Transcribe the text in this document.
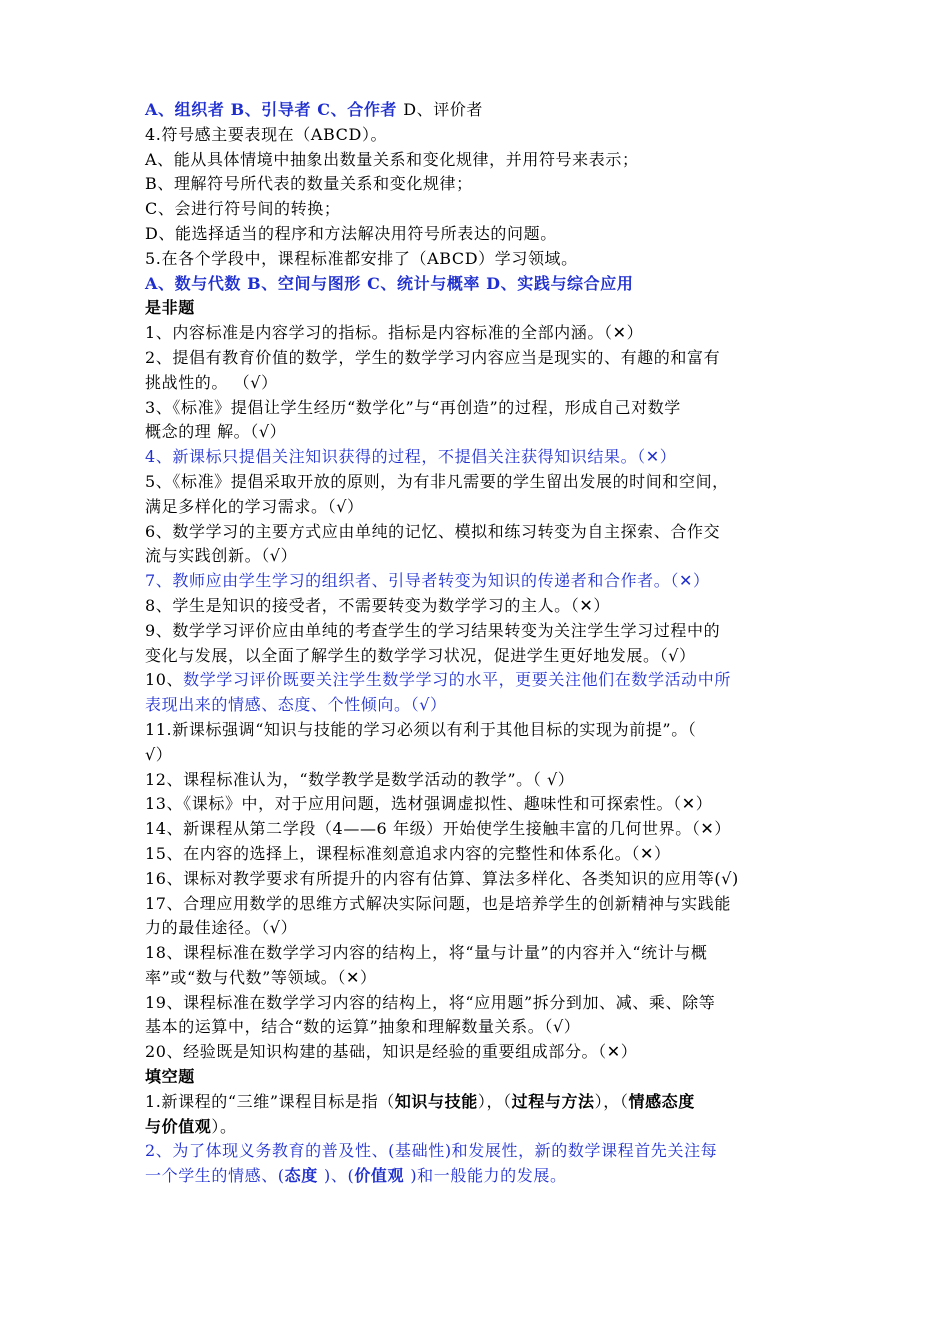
A、组织者 B、引导者 C、合作者 D、评价者
4.符号感主要表现在（ABCD）。
A、能从具体情境中抽象出数量关系和变化规律，并用符号来表示；
B、理解符号所代表的数量关系和变化规律；
C、会进行符号间的转换；
D、能选择适当的程序和方法解决用符号所表达的问题。
5.在各个学段中，课程标准都安排了（ABCD）学习领域。
A、数与代数 B、空间与图形 C、统计与概率 D、实践与综合应用
是非题
1、内容标准是内容学习的指标。指标是内容标准的全部内涵。（✕）
2、提倡有教育价值的数学，学生的数学学习内容应当是现实的、有趣的和富有
挑战性的。 （√）
3、《标准》提倡让学生经历“数学化”与“再创造”的过程，形成自己对数学
概念的理 解。（√）
4、新课标只提倡关注知识获得的过程，不提倡关注获得知识结果。（✕）
5、《标准》提倡采取开放的原则，为有非凡需要的学生留出发展的时间和空间，
满足多样化的学习需求。（√）
6、数学学习的主要方式应由单纯的记忆、模拟和练习转变为自主探索、合作交
流与实践创新。（√）
7、教师应由学生学习的组织者、引导者转变为知识的传递者和合作者。（✕）
8、学生是知识的接受者，不需要转变为数学学习的主人。（✕）
9、数学学习评价应由单纯的考查学生的学习结果转变为关注学生学习过程中的
变化与发展，以全面了解学生的数学学习状况，促进学生更好地发展。（√）
10、数学学习评价既要关注学生数学学习的水平，更要关注他们在数学活动中所
表现出来的情感、态度、个性倾向。（√）
11.新课标强调“知识与技能的学习必须以有利于其他目标的实现为前提”。（
√）
12、课程标准认为，“数学教学是数学活动的教学”。（ √）
13、《课标》中，对于应用问题，选材强调虚拟性、趣味性和可探索性。（✕）
14、新课程从第二学段（4——6 年级）开始使学生接触丰富的几何世界。（✕）
15、在内容的选择上，课程标准刻意追求内容的完整性和体系化。（✕）
16、课标对教学要求有所提升的内容有估算、算法多样化、各类知识的应用等(√)
17、合理应用数学的思维方式解决实际问题，也是培养学生的创新精神与实践能
力的最佳途径。（√）
18、课程标准在数学学习内容的结构上，将“量与计量”的内容并入“统计与概
率”或“数与代数”等领域。（✕）
19、课程标准在数学学习内容的结构上，将“应用题”拆分到加、减、乘、除等
基本的运算中，结合“数的运算”抽象和理解数量关系。（√）
20、经验既是知识构建的基础，知识是经验的重要组成部分。（✕）
填空题
1.新课程的“三维”课程目标是指（知识与技能），（过程与方法），（情感态度
与价值观）。
2、为了体现义务教育的普及性、(基础性)和发展性，新的数学课程首先关注每
一个学生的情感、(态度 )、(价值观 )和一般能力的发展。
